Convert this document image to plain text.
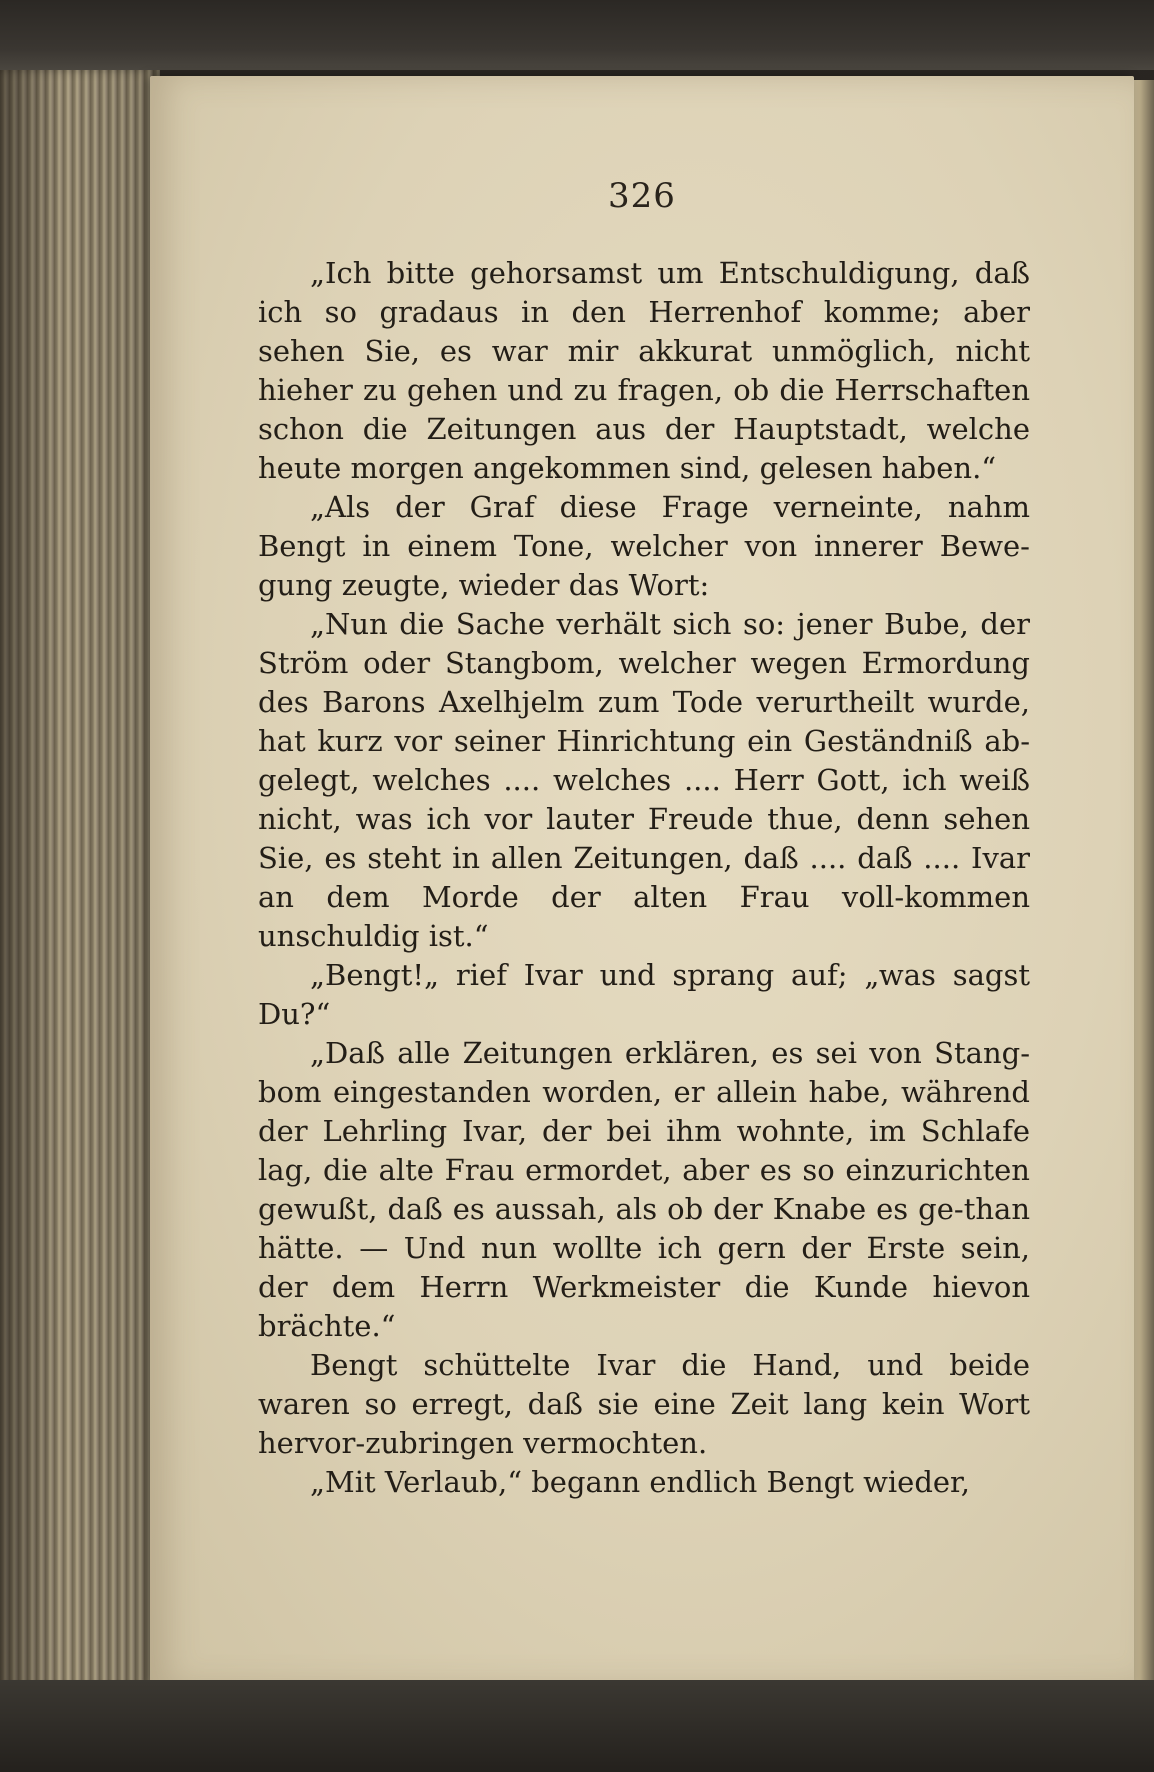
326

„Ich bitte gehorsamst um Entschuldigung, daß ich so gradaus in den Herrenhof komme; aber sehen Sie, es war mir akkurat unmöglich, nicht hieher zu gehen und zu fragen, ob die Herrschaften schon die Zeitungen aus der Hauptstadt, welche heute morgen angekommen sind, gelesen haben.“

„Als der Graf diese Frage verneinte, nahm Bengt in einem Tone, welcher von innerer Bewe-gung zeugte, wieder das Wort:

„Nun die Sache verhält sich so: jener Bube, der Ström oder Stangbom, welcher wegen Ermordung des Barons Axelhjelm zum Tode verurtheilt wurde, hat kurz vor seiner Hinrichtung ein Geständniß ab-gelegt, welches .... welches .... Herr Gott, ich weiß nicht, was ich vor lauter Freude thue, denn sehen Sie, es steht in allen Zeitungen, daß .... daß .... Ivar an dem Morde der alten Frau voll-kommen unschuldig ist.“

„Bengt!„ rief Ivar und sprang auf; „was sagst Du?“

„Daß alle Zeitungen erklären, es sei von Stang-bom eingestanden worden, er allein habe, während der Lehrling Ivar, der bei ihm wohnte, im Schlafe lag, die alte Frau ermordet, aber es so einzurichten gewußt, daß es aussah, als ob der Knabe es ge-than hätte. — Und nun wollte ich gern der Erste sein, der dem Herrn Werkmeister die Kunde hievon brächte.“

Bengt schüttelte Ivar die Hand, und beide waren so erregt, daß sie eine Zeit lang kein Wort hervor-zubringen vermochten.

„Mit Verlaub,“ begann endlich Bengt wieder,
